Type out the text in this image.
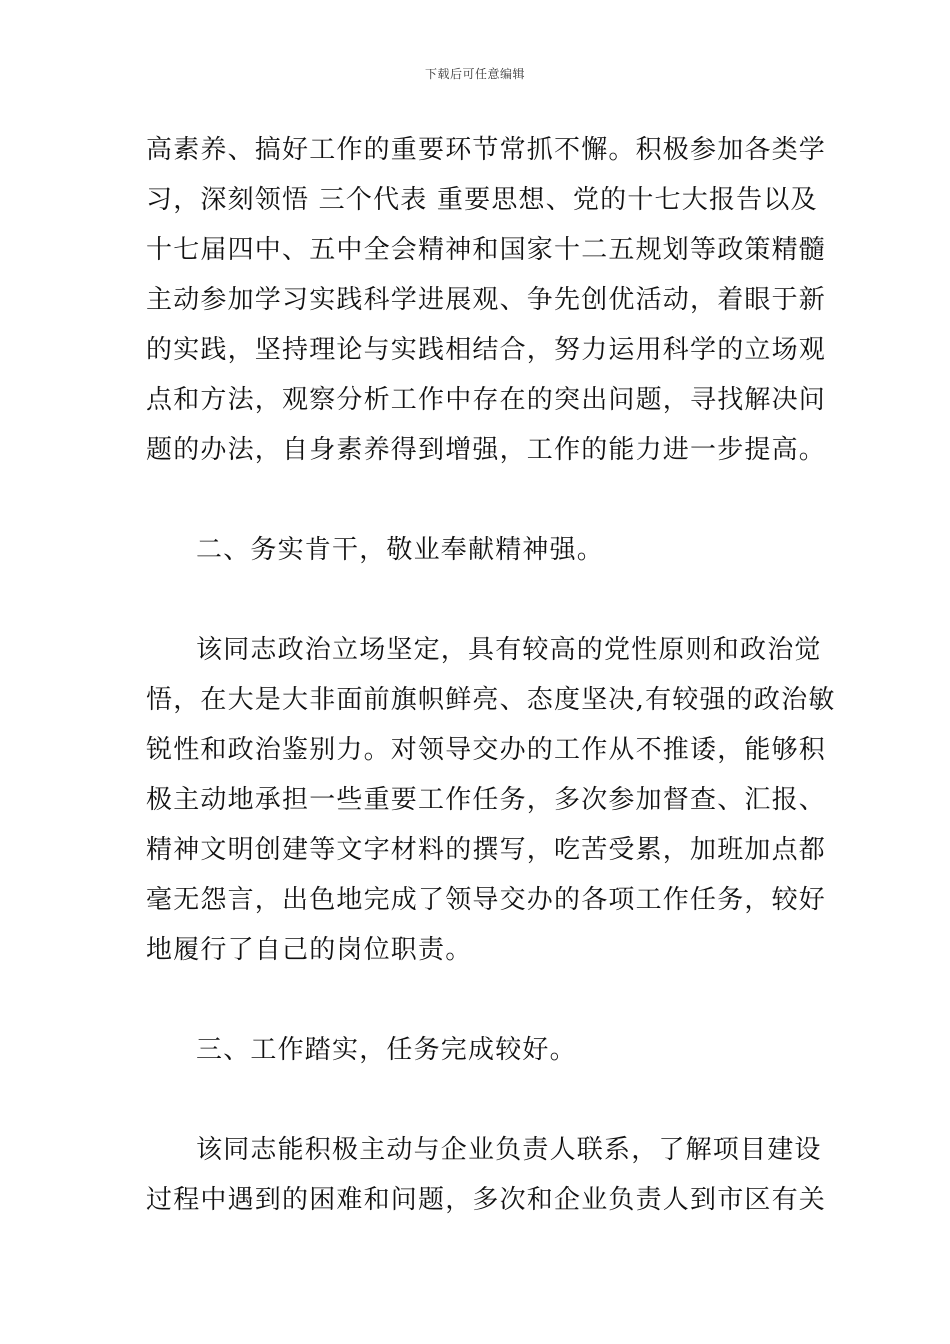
下载后可任意编辑
高素养、搞好工作的重要环节常抓不懈。积极参加各类学
习，深刻领悟 三个代表 重要思想、党的十七大报告以及
十七届四中、五中全会精神和国家十二五规划等政策精髓
主动参加学习实践科学进展观、争先创优活动，着眼于新
的实践，坚持理论与实践相结合，努力运用科学的立场观
点和方法，观察分析工作中存在的突出问题，寻找解决问
题的办法，自身素养得到增强，工作的能力进一步提高。
二、务实肯干，敬业奉献精神强。
该同志政治立场坚定，具有较高的党性原则和政治觉
悟，在大是大非面前旗帜鲜亮、态度坚决,有较强的政治敏
锐性和政治鉴别力。对领导交办的工作从不推诿，能够积
极主动地承担一些重要工作任务，多次参加督查、汇报、
精神文明创建等文字材料的撰写，吃苦受累，加班加点都
毫无怨言，出色地完成了领导交办的各项工作任务，较好
地履行了自己的岗位职责。
三、工作踏实，任务完成较好。
该同志能积极主动与企业负责人联系，了解项目建设
过程中遇到的困难和问题，多次和企业负责人到市区有关
